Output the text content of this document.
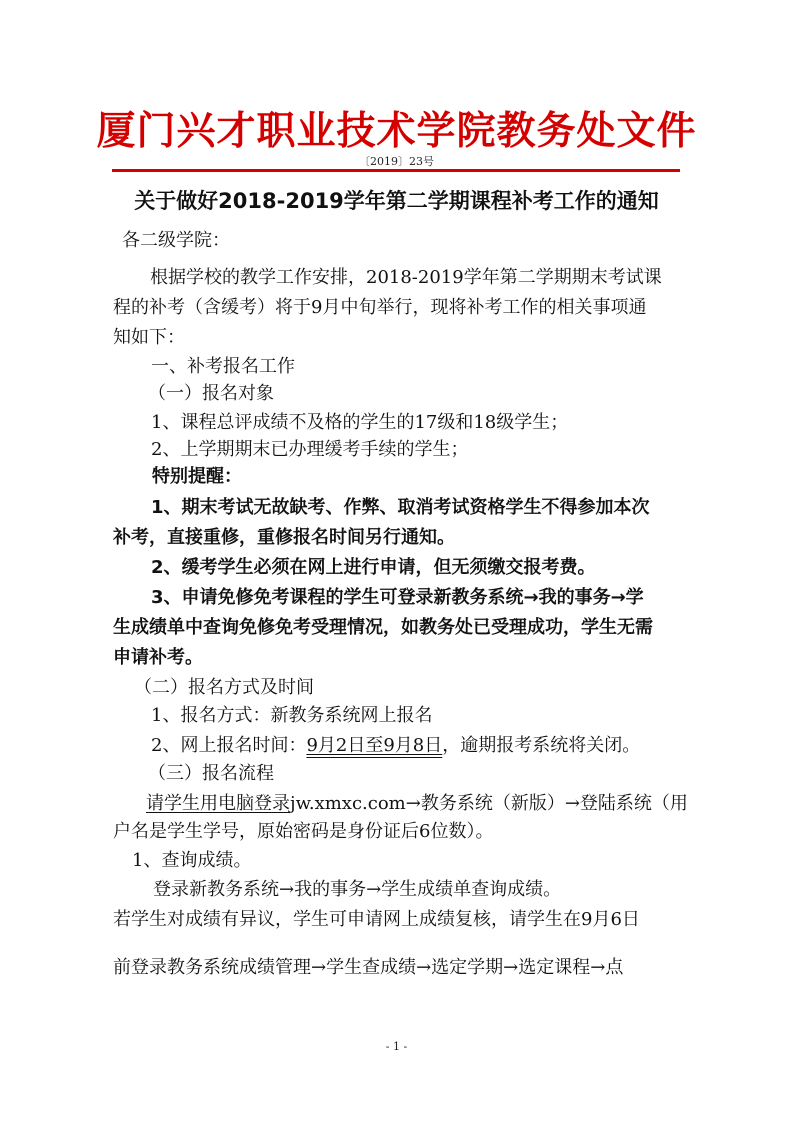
厦门兴才职业技术学院教务处文件
〔2019〕23号
关于做好2018-2019学年第二学期课程补考工作的通知
各二级学院：
根据学校的教学工作安排，2018-2019学年第二学期期末考试课
程的补考（含缓考）将于9月中旬举行，现将补考工作的相关事项通
知如下：
一、补考报名工作
（一）报名对象
1、课程总评成绩不及格的学生的17级和18级学生；
2、上学期期末已办理缓考手续的学生；
特别提醒：
1、期末考试无故缺考、作弊、取消考试资格学生不得参加本次
补考，直接重修，重修报名时间另行通知。
2、缓考学生必须在网上进行申请，但无须缴交报考费。
3、申请免修免考课程的学生可登录新教务系统→我的事务→学
生成绩单中查询免修免考受理情况，如教务处已受理成功，学生无需
申请补考。
（二）报名方式及时间
1、报名方式：新教务系统网上报名
2、网上报名时间：9月2日至9月8日，逾期报考系统将关闭。
（三）报名流程
请学生用电脑登录jw.xmxc.com→教务系统（新版）→登陆系统（用
户名是学生学号，原始密码是身份证后6位数）。
1、查询成绩。
登录新教务系统→我的事务→学生成绩单查询成绩。
若学生对成绩有异议，学生可申请网上成绩复核，请学生在9月6日
前登录教务系统成绩管理→学生查成绩→选定学期→选定课程→点
- 1 -
